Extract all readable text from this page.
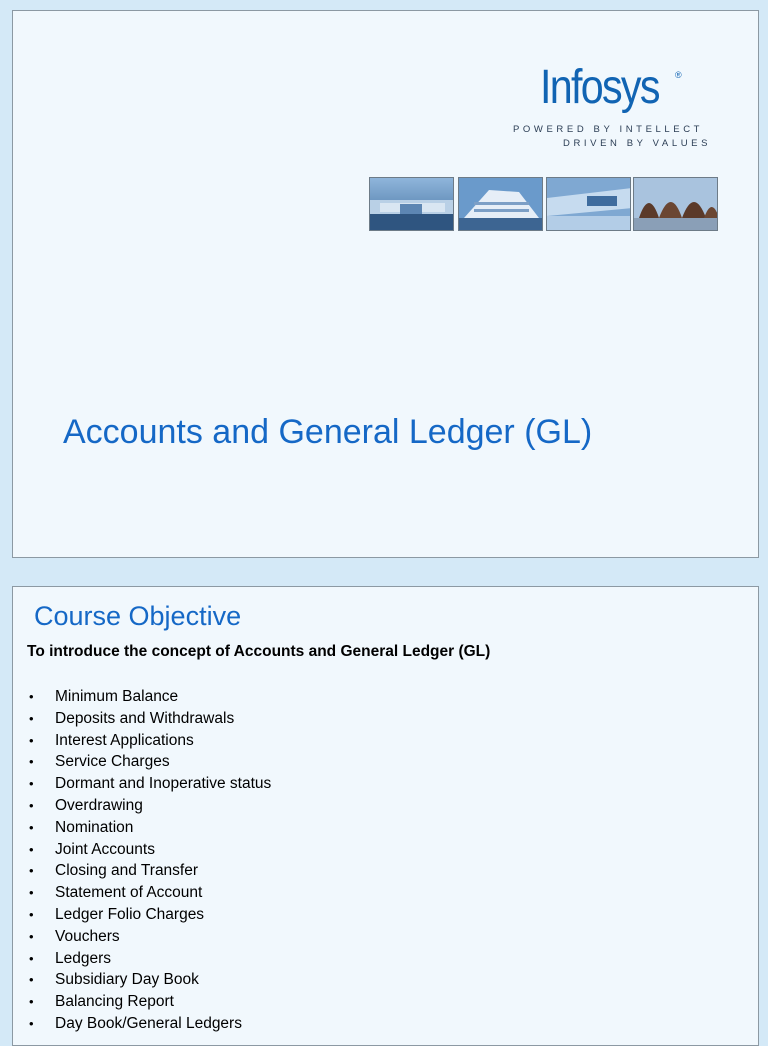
Infosys ®
POWERED BY INTELLECT
DRIVEN BY VALUES
Accounts and General Ledger (GL)
Course Objective
To introduce the concept of Accounts and General Ledger (GL)
• Minimum Balance
• Deposits and Withdrawals
• Interest Applications
• Service Charges
• Dormant and Inoperative status
• Overdrawing
• Nomination
• Joint Accounts
• Closing and Transfer
• Statement of Account
• Ledger Folio Charges
• Vouchers
• Ledgers
• Subsidiary Day Book
• Balancing Report
• Day Book/General Ledgers
